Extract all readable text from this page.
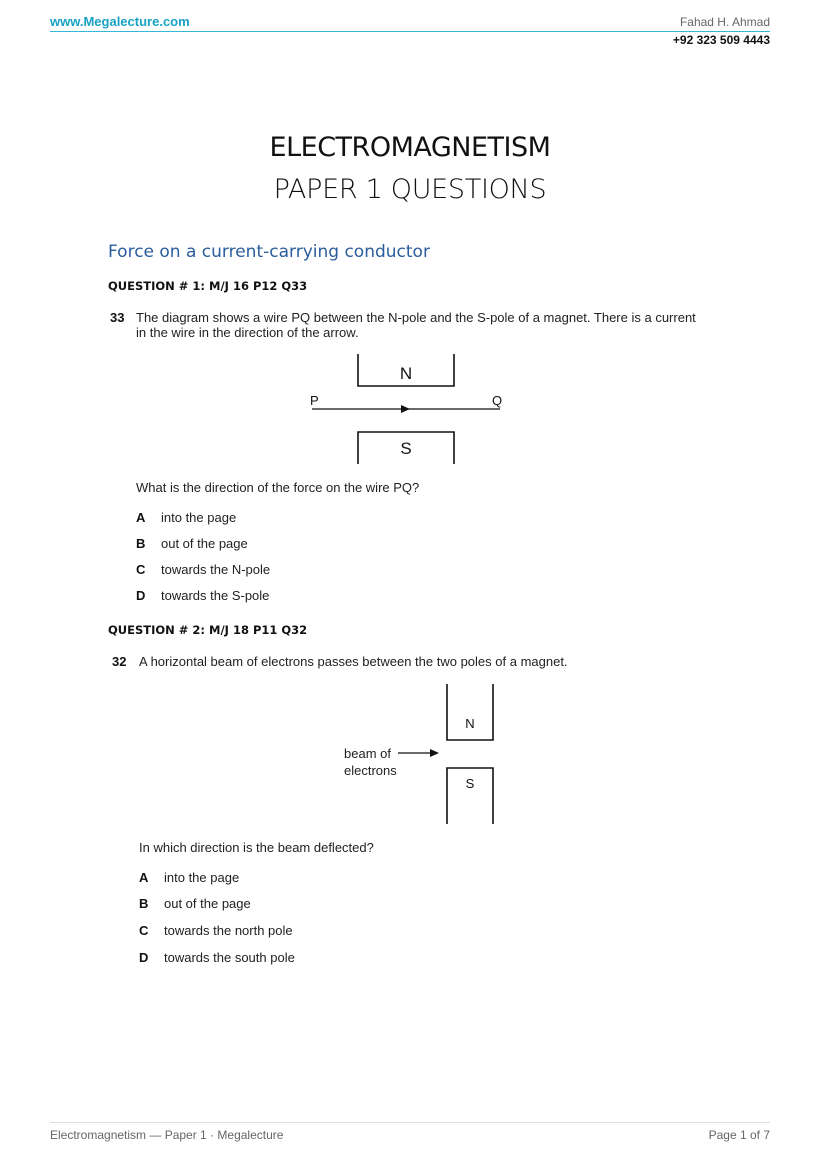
www.Megalecture.com	Fahad H. Ahmad
+92 323 509 4443
ELECTROMAGNETISM
PAPER 1 QUESTIONS
Force on a current-carrying conductor
QUESTION # 1: M/J 16 P12 Q33
33 The diagram shows a wire PQ between the N-pole and the S-pole of a magnet. There is a current
in the wire in the direction of the arrow.
N
P	Q
S
What is the direction of the force on the wire PQ?
A into the page
B out of the page
C towards the N-pole
D towards the S-pole
QUESTION # 2: M/J 18 P11 Q32
32 A horizontal beam of electrons passes between the two poles of a magnet.
N
beam of
electrons
S
In which direction is the beam deflected?
A into the page
B out of the page
C towards the north pole
D towards the south pole
Electromagnetism — Paper 1 · Megalecture	Page 1 of 7
